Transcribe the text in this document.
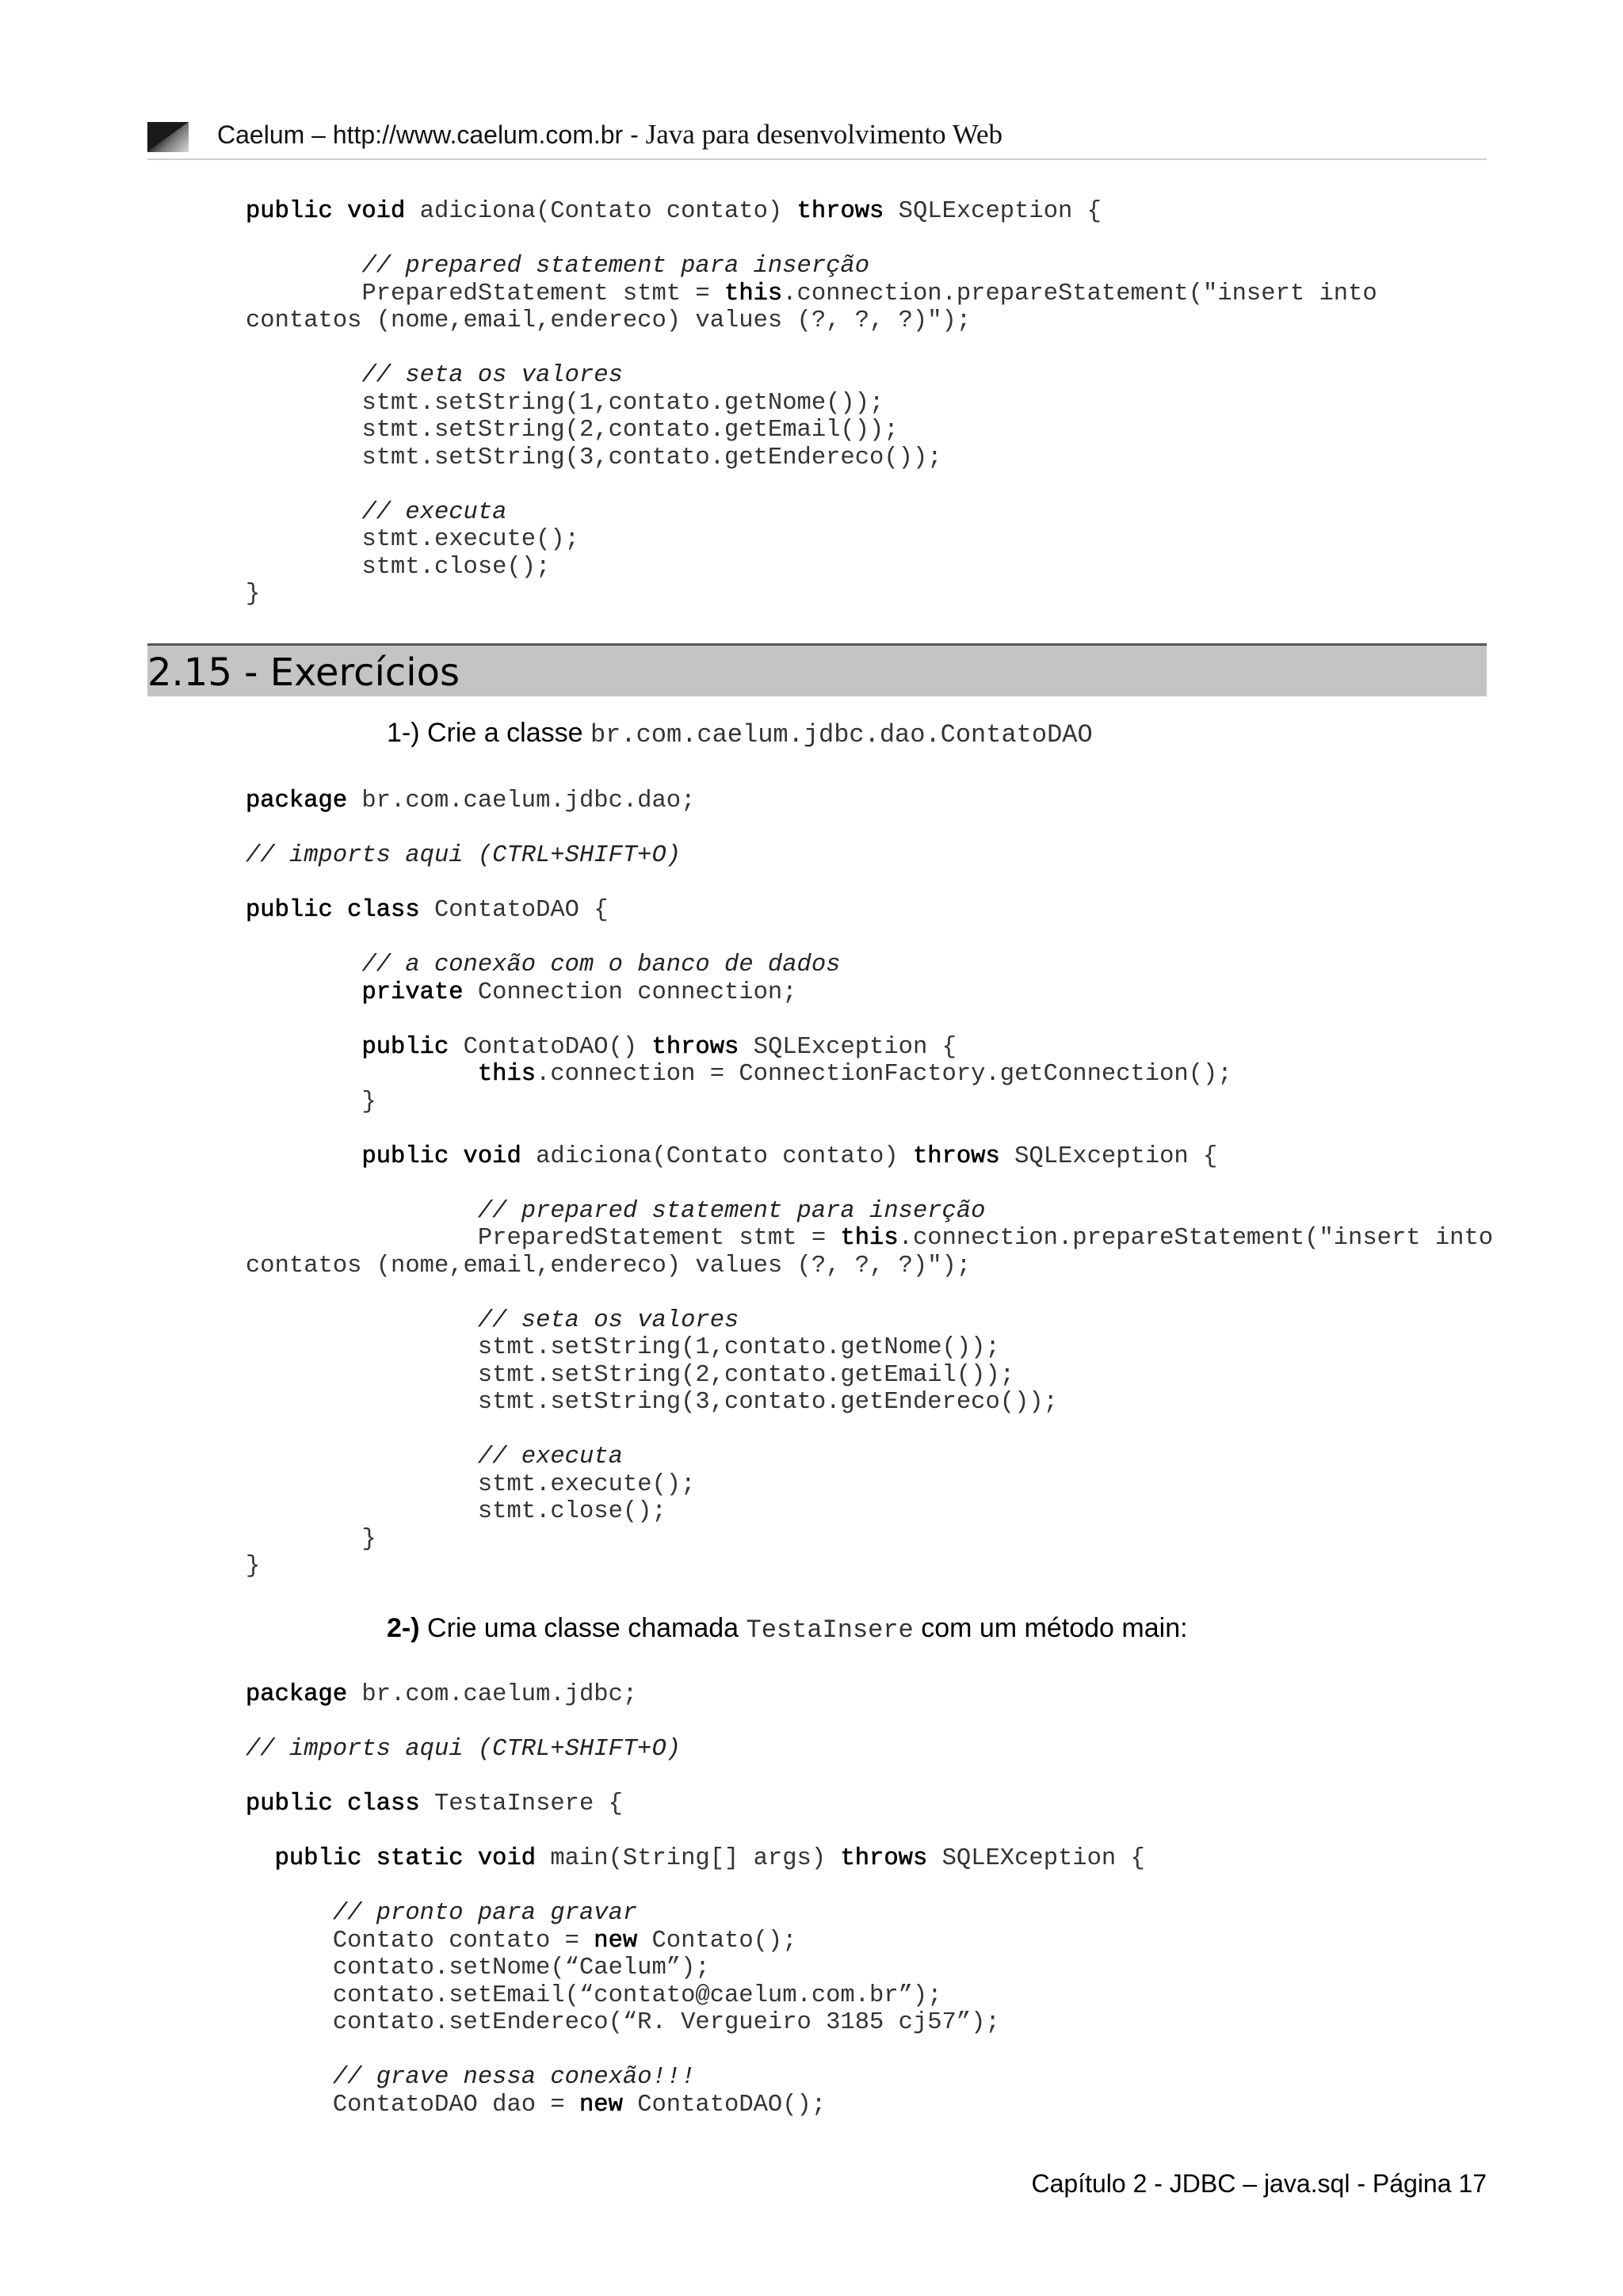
Caelum – http://www.caelum.com.br - Java para desenvolvimento Web
public void adiciona(Contato contato) throws SQLException {

		// prepared statement para inserção
		PreparedStatement stmt = this.connection.prepareStatement("insert into
contatos (nome,email,endereco) values (?, ?, ?)");

		// seta os valores
		stmt.setString(1,contato.getNome());
		stmt.setString(2,contato.getEmail());
		stmt.setString(3,contato.getEndereco());

		// executa
		stmt.execute();
		stmt.close();
}
2.15 - Exercícios
1-) Crie a classe br.com.caelum.jdbc.dao.ContatoDAO
package br.com.caelum.jdbc.dao;

// imports aqui (CTRL+SHIFT+O)

public class ContatoDAO {

		// a conexão com o banco de dados
		private Connection connection;

		public ContatoDAO() throws SQLException {
				this.connection = ConnectionFactory.getConnection();
		}

		public void adiciona(Contato contato) throws SQLException {

				// prepared statement para inserção
				PreparedStatement stmt = this.connection.prepareStatement("insert into
contatos (nome,email,endereco) values (?, ?, ?)");

				// seta os valores
				stmt.setString(1,contato.getNome());
				stmt.setString(2,contato.getEmail());
				stmt.setString(3,contato.getEndereco());

				// executa
				stmt.execute();
				stmt.close();
		}
}
2-) Crie uma classe chamada TestaInsere com um método main:
package br.com.caelum.jdbc;

// imports aqui (CTRL+SHIFT+O)

public class TestaInsere {

public static void main(String[] args) throws SQLEXception {

// pronto para gravar
Contato contato = new Contato();
contato.setNome(“Caelum”);
contato.setEmail(“contato@caelum.com.br”);
contato.setEndereco(“R. Vergueiro 3185 cj57”);

// grave nessa conexão!!!
ContatoDAO dao = new ContatoDAO();
Capítulo 2 - JDBC – java.sql - Página 17
